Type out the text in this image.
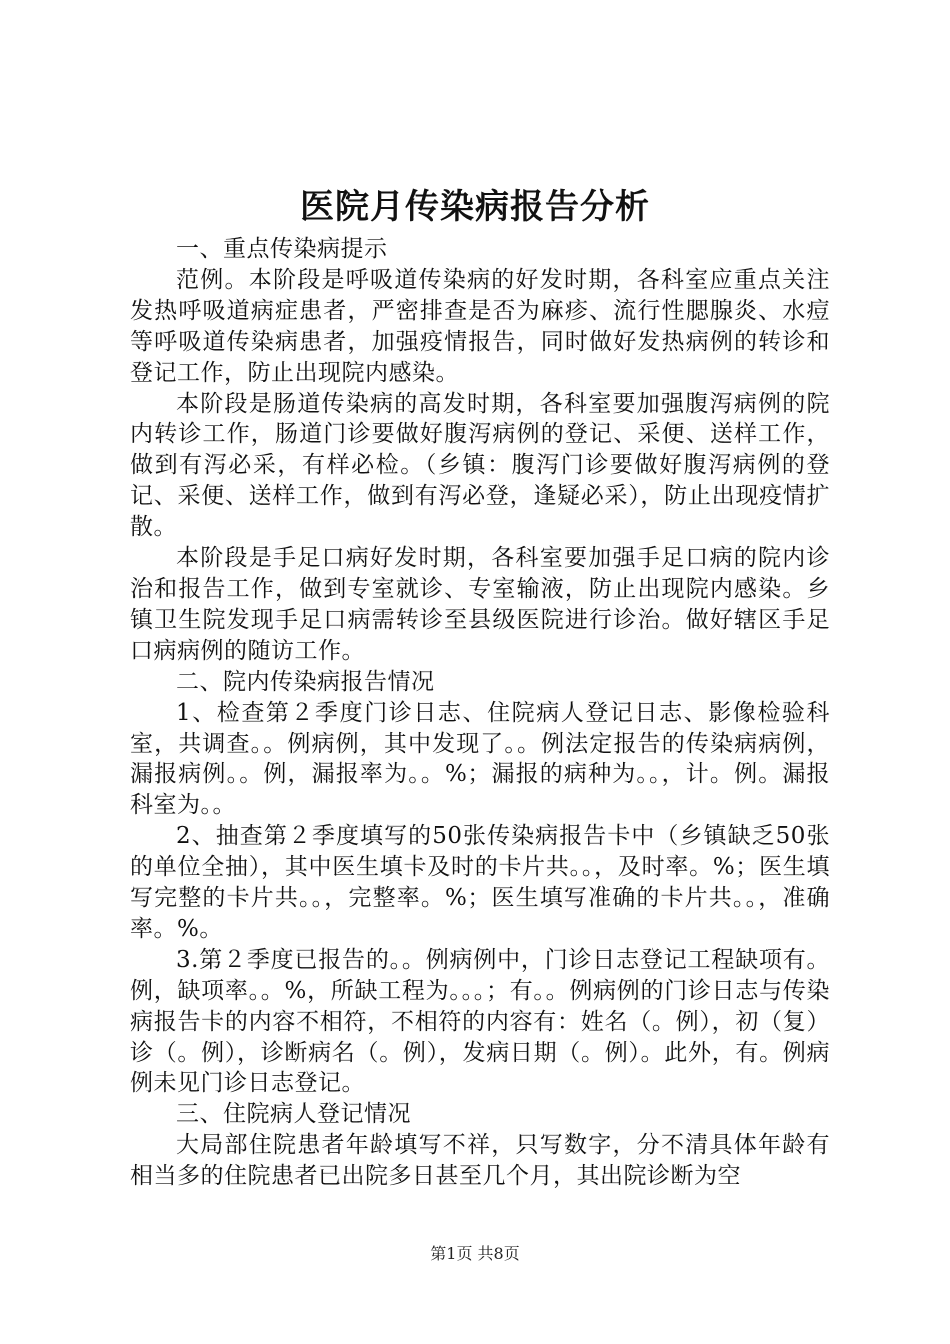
医院月传染病报告分析

一、重点传染病提示

范例。本阶段是呼吸道传染病的好发时期，各科室应重点关注发热呼吸道病症患者，严密排查是否为麻疹、流行性腮腺炎、水痘等呼吸道传染病患者，加强疫情报告，同时做好发热病例的转诊和登记工作，防止出现院内感染。

本阶段是肠道传染病的高发时期，各科室要加强腹泻病例的院内转诊工作，肠道门诊要做好腹泻病例的登记、采便、送样工作，做到有泻必采，有样必检。（乡镇：腹泻门诊要做好腹泻病例的登记、采便、送样工作，做到有泻必登，逢疑必采），防止出现疫情扩散。

本阶段是手足口病好发时期，各科室要加强手足口病的院内诊治和报告工作，做到专室就诊、专室输液，防止出现院内感染。乡镇卫生院发现手足口病需转诊至县级医院进行诊治。做好辖区手足口病病例的随访工作。

二、院内传染病报告情况

1、检查第２季度门诊日志、住院病人登记日志、影像检验科室，共调查。。例病例，其中发现了。。例法定报告的传染病病例，漏报病例。。例，漏报率为。。%；漏报的病种为。。，计。例。漏报科室为。。

2、抽查第２季度填写的50张传染病报告卡中（乡镇缺乏50张的单位全抽），其中医生填卡及时的卡片共。。，及时率。%；医生填写完整的卡片共。。，完整率。%；医生填写准确的卡片共。。，准确率。%。

3.第２季度已报告的。。例病例中，门诊日志登记工程缺项有。例，缺项率。。%，所缺工程为。。。；有。。例病例的门诊日志与传染病报告卡的内容不相符，不相符的内容有：姓名（。例），初（复）诊（。例），诊断病名（。例），发病日期（。例）。此外，有。例病例未见门诊日志登记。

三、住院病人登记情况

大局部住院患者年龄填写不祥，只写数字，分不清具体年龄有相当多的住院患者已出院多日甚至几个月，其出院诊断为空

第1页 共8页
